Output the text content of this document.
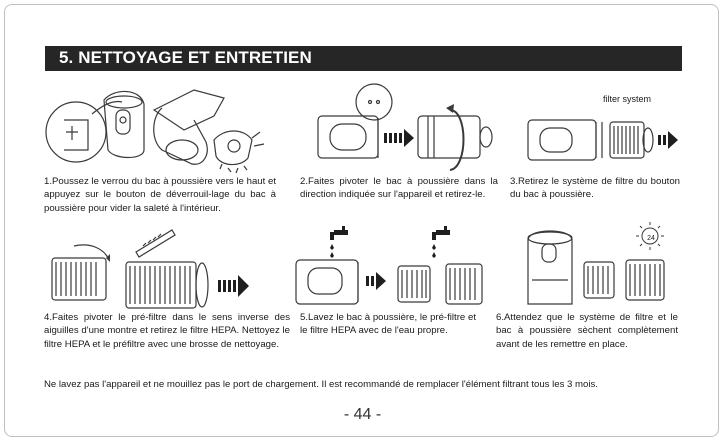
5. NETTOYAGE ET ENTRETIEN
filter system
24
1.Poussez le verrou du bac à poussière vers le haut et appuyez sur le bouton de déverrouil-lage du bac à poussière pour vider la saleté à l'intérieur.
2.Faites pivoter le bac à poussière dans la direction indiquée sur l'appareil et retirez-le.
3.Retirez le système de filtre du bouton du bac à poussière.
4.Faites pivoter le pré-filtre dans le sens inverse des aiguilles d'une montre et retirez le filtre HEPA. Nettoyez le filtre HEPA et le préfiltre avec une brosse de nettoyage.
5.Lavez le bac à poussière, le pré-filtre et le filtre HEPA avec de l'eau propre.
6.Attendez que le système de filtre et le bac à poussière sèchent complètement avant de les remettre en place.
Ne lavez pas l'appareil et ne mouillez pas le port de chargement. Il est recommandé de remplacer l'élément filtrant tous les 3 mois.
- 44 -
